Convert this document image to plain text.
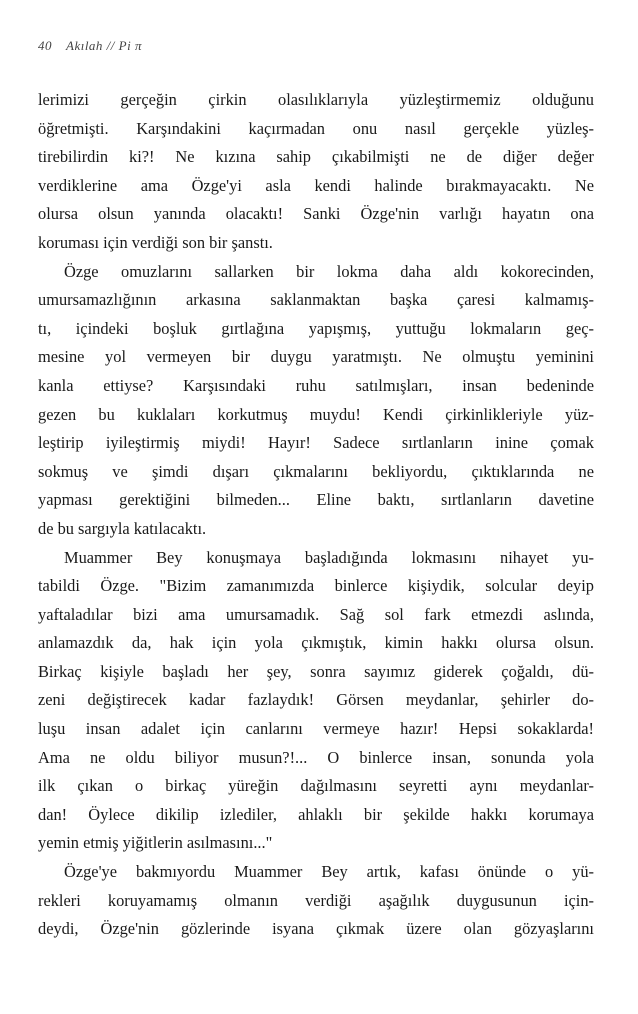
40 Akılah // Pi π
lerimizi gerçeğin çirkin olasılıklarıyla yüzleştirmemiz olduğunu
öğretmişti. Karşındakini kaçırmadan onu nasıl gerçekle yüzleş-
tirebilirdin ki?! Ne kızına sahip çıkabilmişti ne de diğer değer
verdiklerine ama Özge'yi asla kendi halinde bırakmayacaktı. Ne
olursa olsun yanında olacaktı! Sanki Özge'nin varlığı hayatın ona
koruması için verdiği son bir şanstı.
Özge omuzlarını sallarken bir lokma daha aldı kokorecinden,
umursamazlığının arkasına saklanmaktan başka çaresi kalmamış-
tı, içindeki boşluk gırtlağına yapışmış, yuttuğu lokmaların geç-
mesine yol vermeyen bir duygu yaratmıştı. Ne olmuştu yeminini
kanla ettiyse? Karşısındaki ruhu satılmışları, insan bedeninde
gezen bu kuklaları korkutmuş muydu! Kendi çirkinlikleriyle yüz-
leştirip iyileştirmiş miydi! Hayır! Sadece sırtlanların inine çomak
sokmuş ve şimdi dışarı çıkmalarını bekliyordu, çıktıklarında ne
yapması gerektiğini bilmeden... Eline baktı, sırtlanların davetine
de bu sargıyla katılacaktı.
Muammer Bey konuşmaya başladığında lokmasını nihayet yu-
tabildi Özge. "Bizim zamanımızda binlerce kişiydik, solcular deyip
yaftaladılar bizi ama umursamadık. Sağ sol fark etmezdi aslında,
anlamazdık da, hak için yola çıkmıştık, kimin hakkı olursa olsun.
Birkaç kişiyle başladı her şey, sonra sayımız giderek çoğaldı, dü-
zeni değiştirecek kadar fazlaydık! Görsen meydanlar, şehirler do-
luşu insan adalet için canlarını vermeye hazır! Hepsi sokaklarda!
Ama ne oldu biliyor musun?!... O binlerce insan, sonunda yola
ilk çıkan o birkaç yüreğin dağılmasını seyretti aynı meydanlar-
dan! Öylece dikilip izlediler, ahlaklı bir şekilde hakkı korumaya
yemin etmiş yiğitlerin asılmasını..."
Özge'ye bakmıyordu Muammer Bey artık, kafası önünde o yü-
rekleri koruyamamış olmanın verdiği aşağılık duygusunun için-
deydi, Özge'nin gözlerinde isyana çıkmak üzere olan gözyaşlarını
